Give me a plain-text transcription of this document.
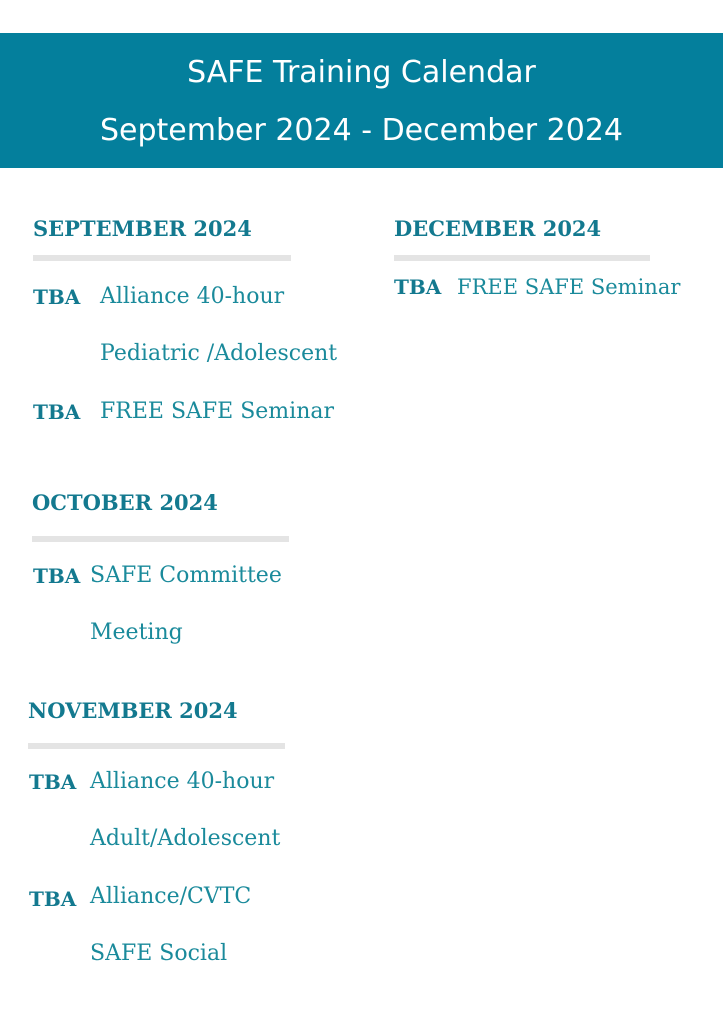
SAFE Training Calendar
September 2024 - December 2024
SEPTEMBER 2024
TBA Alliance 40-hour
Pediatric /Adolescent
TBA FREE SAFE Seminar
OCTOBER 2024
TBA SAFE Committee
Meeting
NOVEMBER 2024
TBA Alliance 40-hour
Adult/Adolescent
TBA Alliance/CVTC
SAFE Social
DECEMBER 2024
TBA FREE SAFE Seminar
